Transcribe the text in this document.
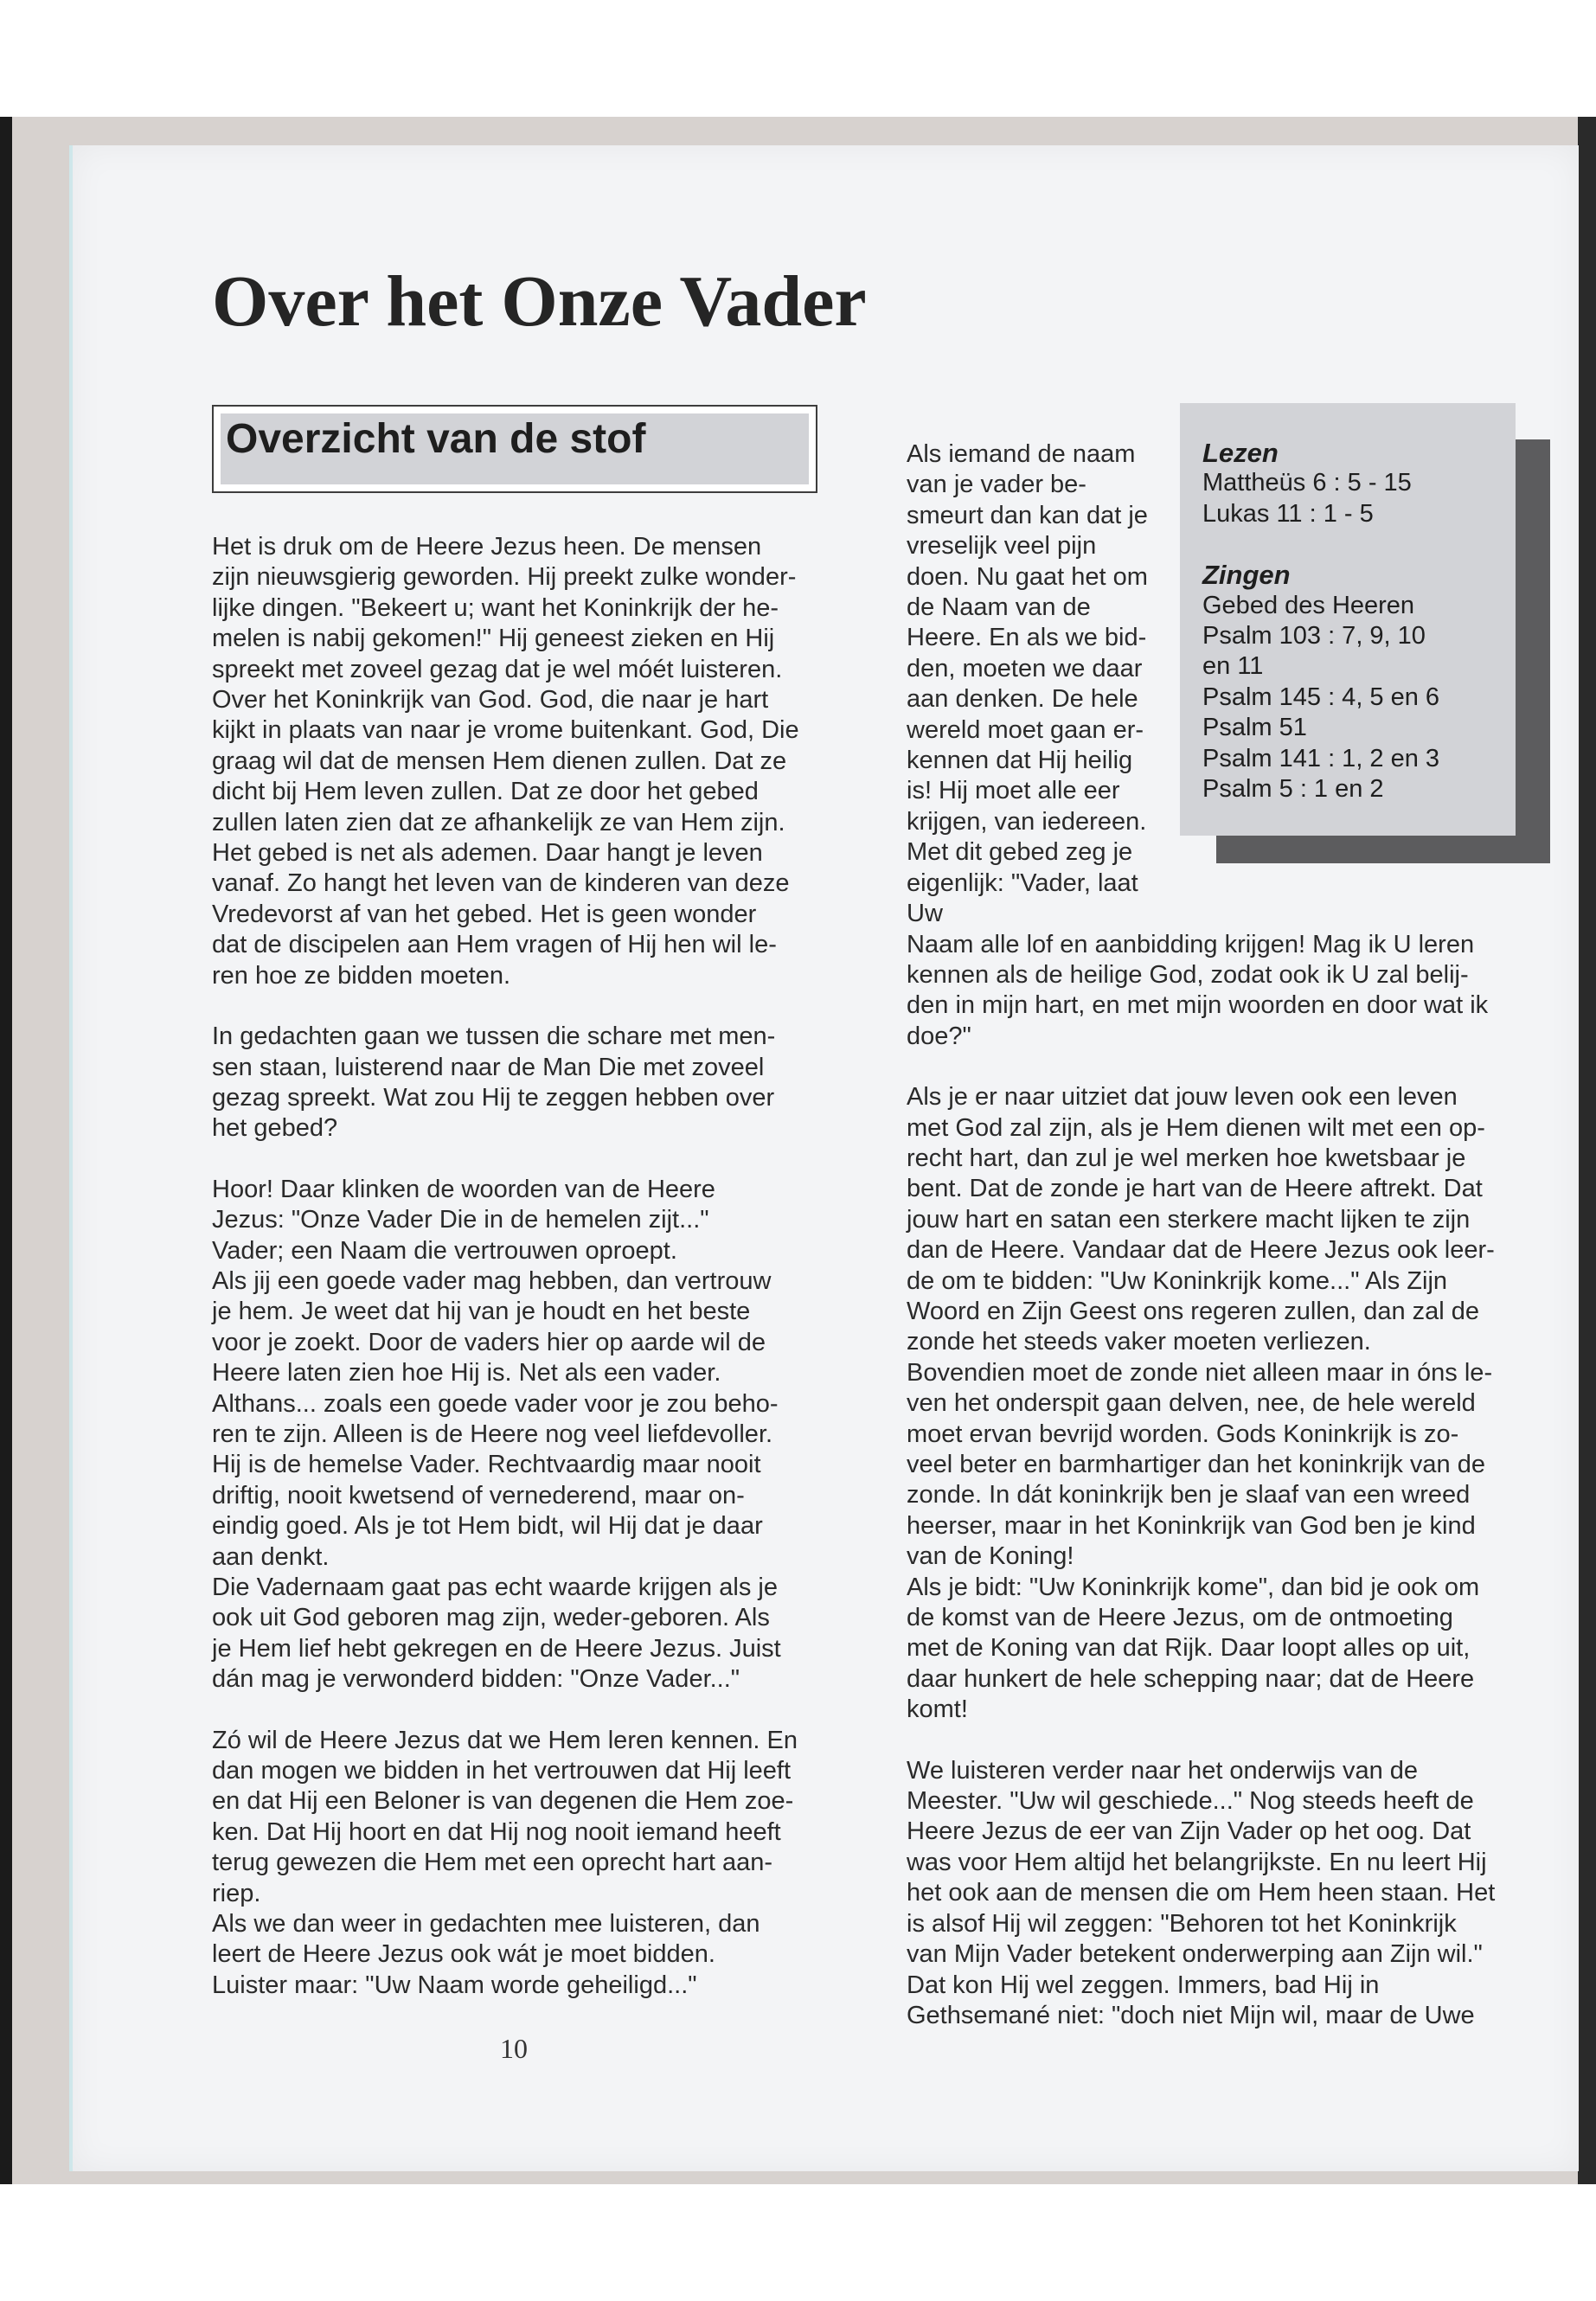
Over het Onze Vader
Overzicht van de stof

Het is druk om de Heere Jezus heen. De mensen
zijn nieuwsgierig geworden. Hij preekt zulke wonder-
lijke dingen. "Bekeert u; want het Koninkrijk der he-
melen is nabij gekomen!" Hij geneest zieken en Hij
spreekt met zoveel gezag dat je wel móét luisteren.
Over het Koninkrijk van God. God, die naar je hart
kijkt in plaats van naar je vrome buitenkant. God, Die
graag wil dat de mensen Hem dienen zullen. Dat ze
dicht bij Hem leven zullen. Dat ze door het gebed
zullen laten zien dat ze afhankelijk ze van Hem zijn.
Het gebed is net als ademen. Daar hangt je leven
vanaf. Zo hangt het leven van de kinderen van deze
Vredevorst af van het gebed. Het is geen wonder
dat de discipelen aan Hem vragen of Hij hen wil le-
ren hoe ze bidden moeten.

In gedachten gaan we tussen die schare met men-
sen staan, luisterend naar de Man Die met zoveel
gezag spreekt. Wat zou Hij te zeggen hebben over
het gebed?

Hoor! Daar klinken de woorden van de Heere
Jezus: "Onze Vader Die in de hemelen zijt..."
Vader; een Naam die vertrouwen oproept.
Als jij een goede vader mag hebben, dan vertrouw
je hem. Je weet dat hij van je houdt en het beste
voor je zoekt. Door de vaders hier op aarde wil de
Heere laten zien hoe Hij is. Net als een vader.
Althans... zoals een goede vader voor je zou beho-
ren te zijn. Alleen is de Heere nog veel liefdevoller.
Hij is de hemelse Vader. Rechtvaardig maar nooit
driftig, nooit kwetsend of vernederend, maar on-
eindig goed. Als je tot Hem bidt, wil Hij dat je daar
aan denkt.
Die Vadernaam gaat pas echt waarde krijgen als je
ook uit God geboren mag zijn, weder-geboren. Als
je Hem lief hebt gekregen en de Heere Jezus. Juist
dán mag je verwonderd bidden: "Onze Vader..."

Zó wil de Heere Jezus dat we Hem leren kennen. En
dan mogen we bidden in het vertrouwen dat Hij leeft
en dat Hij een Beloner is van degenen die Hem zoe-
ken. Dat Hij hoort en dat Hij nog nooit iemand heeft
terug gewezen die Hem met een oprecht hart aan-
riep.
Als we dan weer in gedachten mee luisteren, dan
leert de Heere Jezus ook wát je moet bidden.
Luister maar: "Uw Naam worde geheiligd..."

Als iemand de naam
van je vader be-
smeurt dan kan dat je
vreselijk veel pijn
doen. Nu gaat het om
de Naam van de
Heere. En als we bid-
den, moeten we daar
aan denken. De hele
wereld moet gaan er-
kennen dat Hij heilig
is! Hij moet alle eer
krijgen, van iedereen.
Met dit gebed zeg je
eigenlijk: "Vader, laat Uw
Naam alle lof en aanbidding krijgen! Mag ik U leren
kennen als de heilige God, zodat ook ik U zal belij-
den in mijn hart, en met mijn woorden en door wat ik
doe?"

Als je er naar uitziet dat jouw leven ook een leven
met God zal zijn, als je Hem dienen wilt met een op-
recht hart, dan zul je wel merken hoe kwetsbaar je
bent. Dat de zonde je hart van de Heere aftrekt. Dat
jouw hart en satan een sterkere macht lijken te zijn
dan de Heere. Vandaar dat de Heere Jezus ook leer-
de om te bidden: "Uw Koninkrijk kome..." Als Zijn
Woord en Zijn Geest ons regeren zullen, dan zal de
zonde het steeds vaker moeten verliezen.
Bovendien moet de zonde niet alleen maar in óns le-
ven het onderspit gaan delven, nee, de hele wereld
moet ervan bevrijd worden. Gods Koninkrijk is zo-
veel beter en barmhartiger dan het koninkrijk van de
zonde. In dát koninkrijk ben je slaaf van een wreed
heerser, maar in het Koninkrijk van God ben je kind
van de Koning!
Als je bidt: "Uw Koninkrijk kome", dan bid je ook om
de komst van de Heere Jezus, om de ontmoeting
met de Koning van dat Rijk. Daar loopt alles op uit,
daar hunkert de hele schepping naar; dat de Heere
komt!

We luisteren verder naar het onderwijs van de
Meester. "Uw wil geschiede..." Nog steeds heeft de
Heere Jezus de eer van Zijn Vader op het oog. Dat
was voor Hem altijd het belangrijkste. En nu leert Hij
het ook aan de mensen die om Hem heen staan. Het
is alsof Hij wil zeggen: "Behoren tot het Koninkrijk
van Mijn Vader betekent onderwerping aan Zijn wil."
Dat kon Hij wel zeggen. Immers, bad Hij in
Gethsemané niet: "doch niet Mijn wil, maar de Uwe

Lezen
Mattheüs 6 : 5 - 15
Lukas 11 : 1 - 5
Zingen
Gebed des Heeren
Psalm 103 : 7, 9, 10
en 11
Psalm 145 : 4, 5 en 6
Psalm 51
Psalm 141 : 1, 2 en 3
Psalm 5 : 1 en 2
10
